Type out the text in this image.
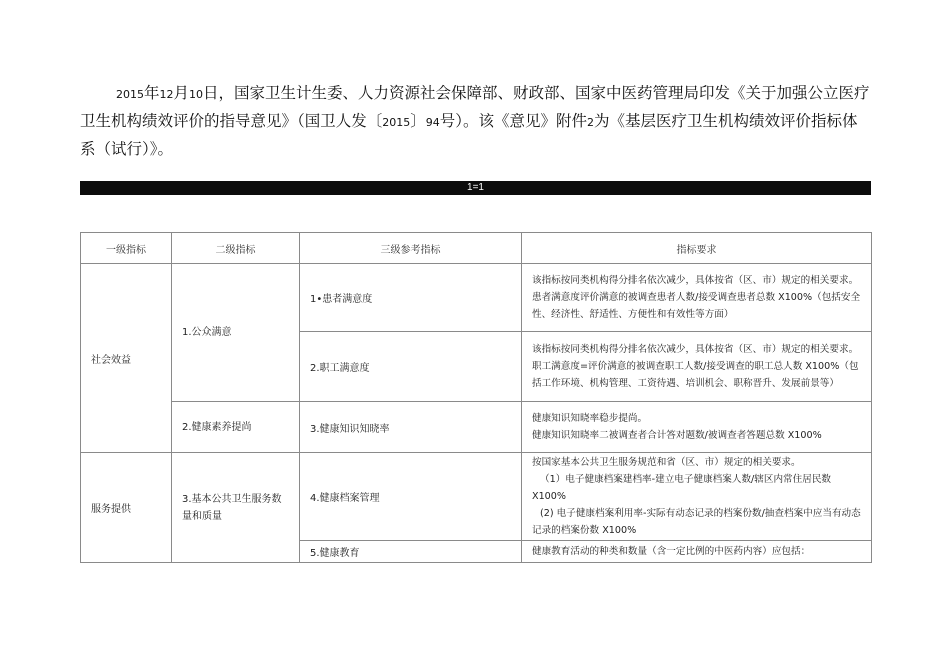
2015年12月10日，国家卫生计生委、人力资源社会保障部、财政部、国家中医药管理局印发《关于加强公立医疗卫生机构绩效评价的指导意见》（国卫人发〔2015〕94号）。该《意见》附件2为《基层医疗卫生机构绩效评价指标体系（试行）》。

1=1
一级指标	二级指标	三级参考指标	指标要求
社会效益	1.公众满意	1•患者满意度	该指标按同类机构得分排名依次减少，具体按省（区、市）规定的相关要求。患者满意度评价满意的被调查患者人数/接受调查患者总数 X100%（包括安全性、经济性、舒适性、方便性和有效性等方面）
		2.职工满意度	该指标按同类机构得分排名依次减少，具体按省（区、市）规定的相关要求。职工满意度=评价满意的被调查职工人数/接受调查的职工总人数 X100%（包括工作环境、机构管理、工资待遇、培训机会、职称晋升、发展前景等）
	2.健康素养提尚	3.健康知识知晓率	健康知识知晓率稳步提尚。
健康知识知晓率二被调查者合计答对题数/被调查者答题总数 X100%

服务提供	3.基本公共卫生服务数量和质量	4.健康档案管理	按国家基本公共卫生服务规范和省（区、市）规定的相关要求。
（1）电子健康档案建档率-建立电子健康档案人数/辖区内常住居民数 X100%
(2) 电子健康档案利用率-实际有动态记录的档案份数/抽查档案中应当有动态记录的档案份数 X100%

		5.健康教育	健康教育活动的种类和数量（含一定比例的中医药内容）应包括：
